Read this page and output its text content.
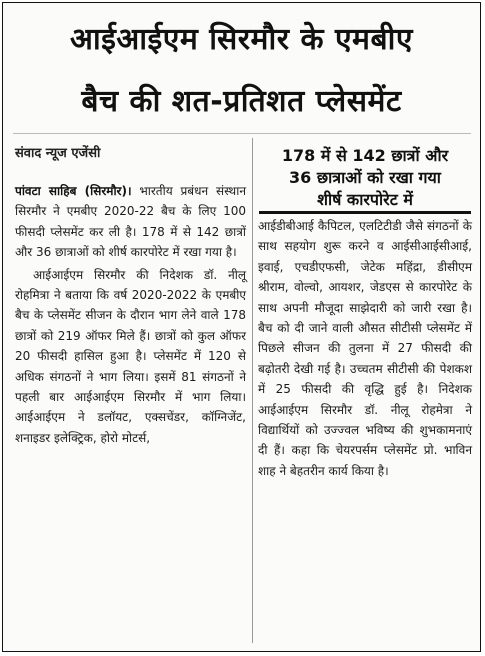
आईआईएम सिरमौर के एमबीए
बैच की शत-प्रतिशत प्लेसमेंट
संवाद न्यूज एजेंसी	178 में से 142 छात्रों और
36 छात्राओं को रखा गया
शीर्ष कारपोरेट में

पांवटा साहिब (सिरमौर)। भारतीय प्रबंधन संस्थान सिरमौर ने एमबीए 2020-22 बैच के लिए 100 फीसदी प्लेसमेंट कर ली है। 178 में से 142 छात्रों और 36 छात्राओं को शीर्ष कारपोरेट में रखा गया है।

आईआईएम सिरमौर की निदेशक डॉ. नीलू रोहमित्रा ने बताया कि वर्ष 2020-2022 के एमबीए बैच के प्लेसमेंट सीजन के दौरान भाग लेने वाले 178 छात्रों को 219 ऑफर मिले हैं। छात्रों को कुल ऑफर 20 फीसदी हासिल हुआ है। प्लेसमेंट में 120 से अधिक संगठनों ने भाग लिया। इसमें 81 संगठनों ने पहली बार आईआईएम सिरमौर में भाग लिया। आईआईएम ने डलॉयट, एक्सचेंडर, कॉग्निजेंट, शनाइडर इलेक्ट्रिक, होरो मोटर्स,

आईडीबीआई कैपिटल, एलटिटीडी जैसे संगठनों के साथ सहयोग शुरू करने व आईसीआईसीआई, इवाई, एचडीएफसी, जेटेक महिंद्रा, डीसीएम श्रीराम, वोल्वो, आयशर, जेडएस से कारपोरेट के साथ अपनी मौजूदा साझेदारी को जारी रखा है। बैच को दी जाने वाली औसत सीटीसी प्लेसमेंट में पिछले सीजन की तुलना में 27 फीसदी की बढ़ोतरी देखी गई है। उच्चतम सीटीसी की पेशकश में 25 फीसदी की वृद्धि हुई है। निदेशक आईआईएम सिरमौर डॉ. नीलू रोहमेत्रा ने विद्यार्थियों को उज्ज्वल भविष्य की शुभकामनाएं दी हैं। कहा कि चेयरपर्सम प्लेसमेंट प्रो. भाविन शाह ने बेहतरीन कार्य किया है।
